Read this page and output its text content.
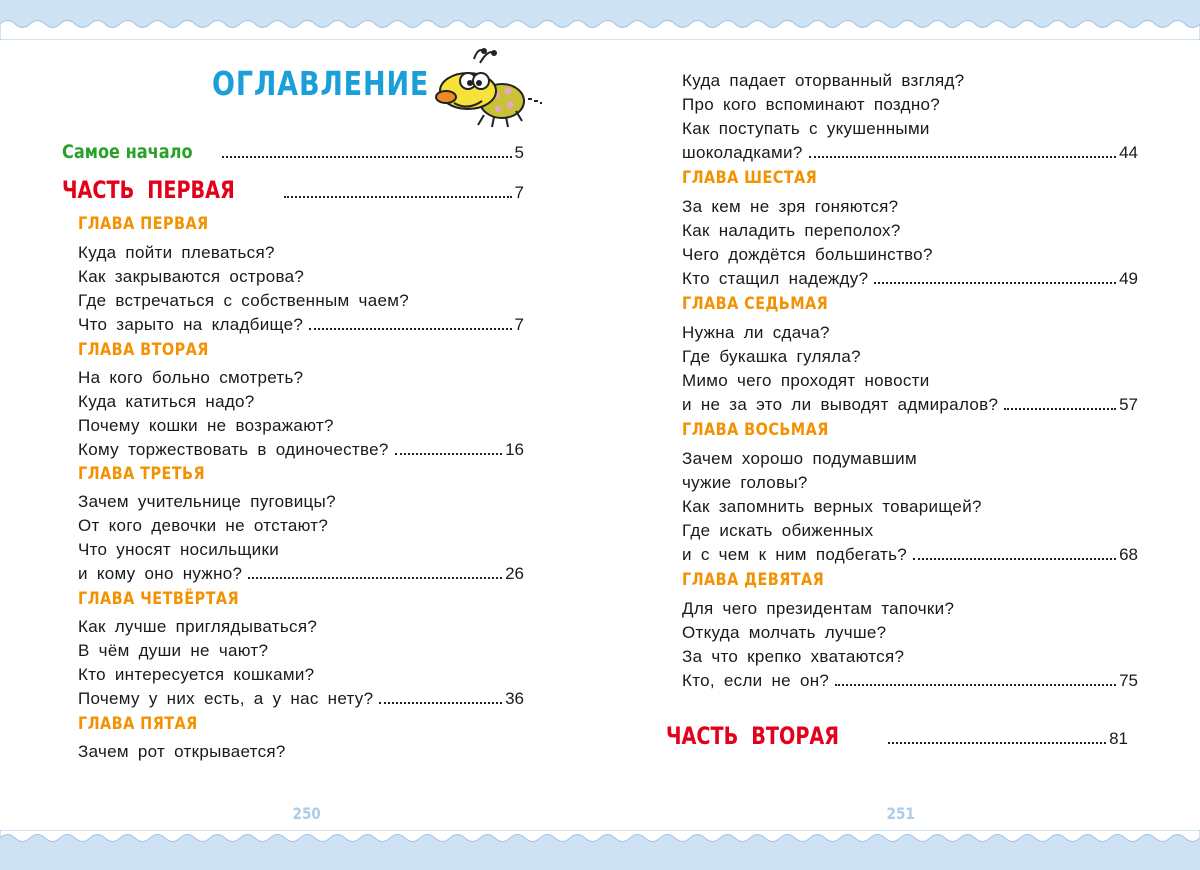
ОГЛАВЛЕНИЕ
Самое начало	5
ЧАСТЬ ПЕРВАЯ	7
ГЛАВА ПЕРВАЯ
Куда пойти плеваться?
Как закрываются острова?
Где встречаться с собственным чаем?
Что зарыто на кладбище?	7
ГЛАВА ВТОРАЯ
На кого больно смотреть?
Куда катиться надо?
Почему кошки не возражают?
Кому торжествовать в одиночестве?	16
ГЛАВА ТРЕТЬЯ
Зачем учительнице пуговицы?
От кого девочки не отстают?
Что уносят носильщики
и кому оно нужно?	26
ГЛАВА ЧЕТВЁРТАЯ
Как лучше приглядываться?
В чём души не чают?
Кто интересуется кошками?
Почему у них есть, а у нас нету?	36
ГЛАВА ПЯТАЯ
Зачем рот открывается?
250
Куда падает оторванный взгляд?
Про кого вспоминают поздно?
Как поступать с укушенными
шоколадками?	44
ГЛАВА ШЕСТАЯ
За кем не зря гоняются?
Как наладить переполох?
Чего дождётся большинство?
Кто стащил надежду?	49
ГЛАВА СЕДЬМАЯ
Нужна ли сдача?
Где букашка гуляла?
Мимо чего проходят новости
и не за это ли выводят адмиралов?	57
ГЛАВА ВОСЬМАЯ
Зачем хорошо подумавшим
чужие головы?
Как запомнить верных товарищей?
Где искать обиженных
и с чем к ним подбегать?	68
ГЛАВА ДЕВЯТАЯ
Для чего президентам тапочки?
Откуда молчать лучше?
За что крепко хватаются?
Кто, если не он?	75
ЧАСТЬ ВТОРАЯ	81
251
